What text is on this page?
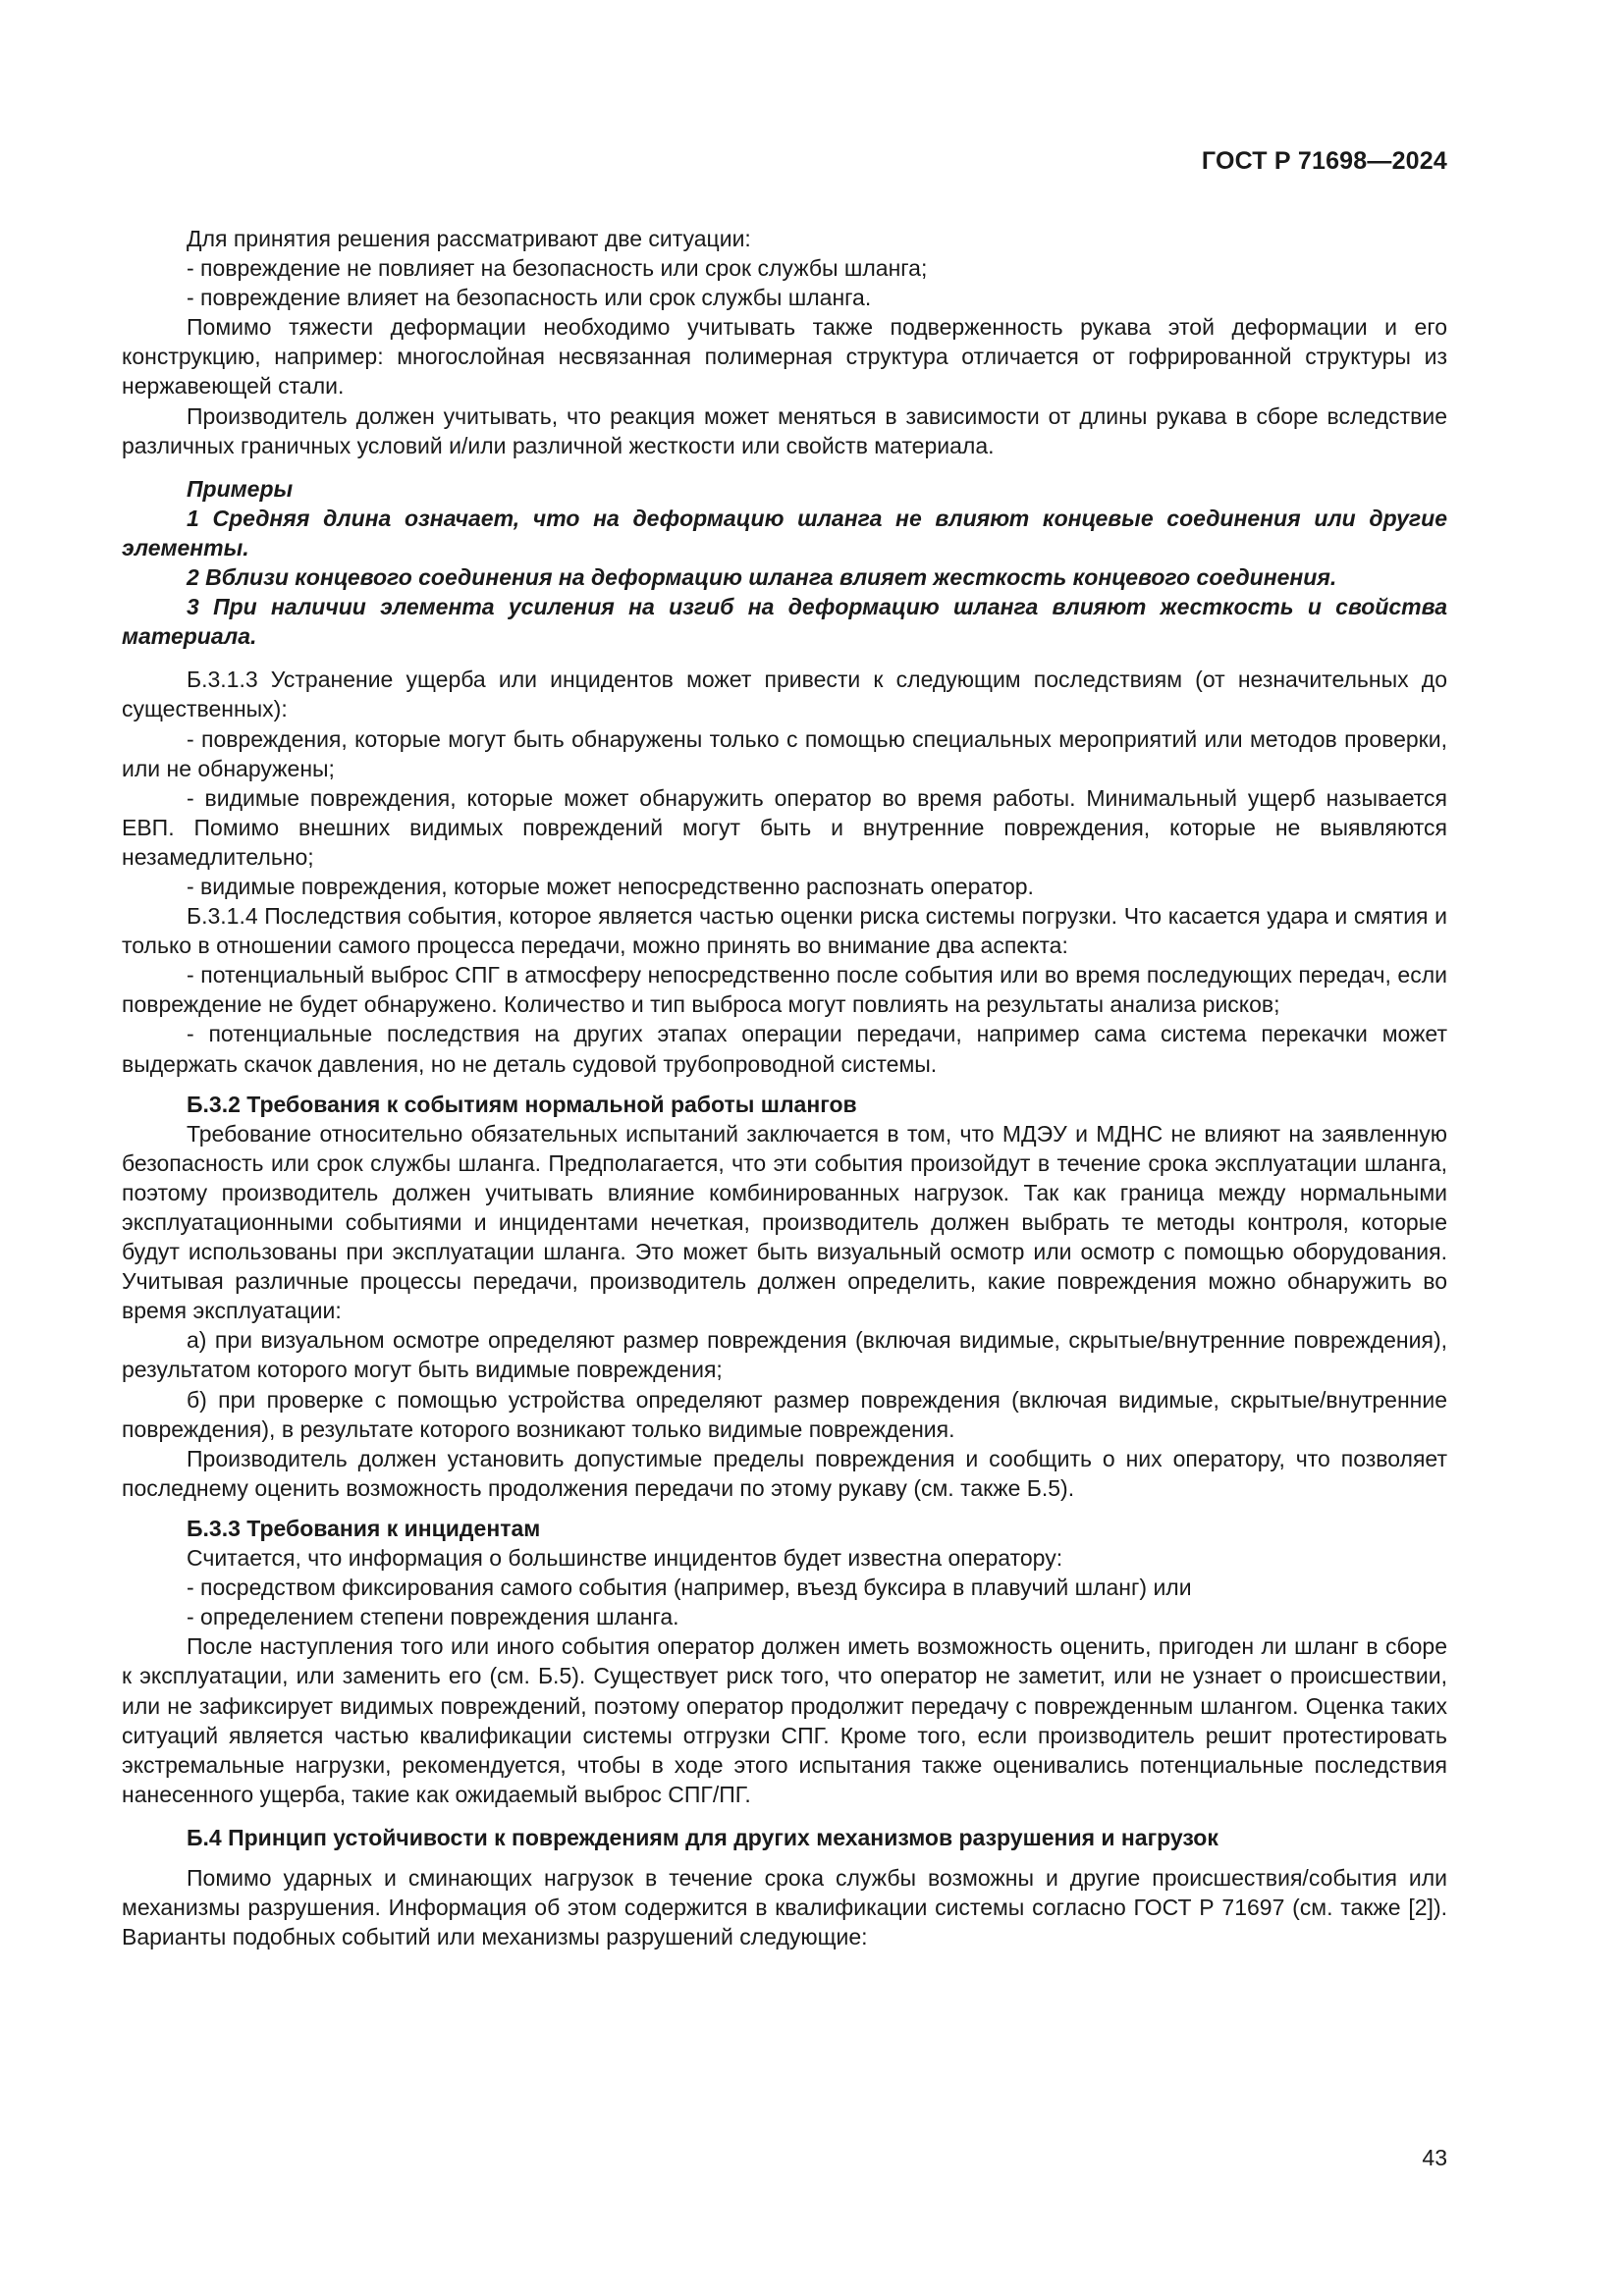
ГОСТ Р 71698—2024

Для принятия решения рассматривают две ситуации:

- повреждение не повлияет на безопасность или срок службы шланга;

- повреждение влияет на безопасность или срок службы шланга.

Помимо тяжести деформации необходимо учитывать также подверженность рукава этой деформации и его конструкцию, например: многослойная несвязанная полимерная структура отличается от гофрированной структуры из нержавеющей стали.

Производитель должен учитывать, что реакция может меняться в зависимости от длины рукава в сборе вследствие различных граничных условий и/или различной жесткости или свойств материала.

Примеры

1 Средняя длина означает, что на деформацию шланга не влияют концевые соединения или другие элементы.

2 Вблизи концевого соединения на деформацию шланга влияет жесткость концевого соединения.

3 При наличии элемента усиления на изгиб на деформацию шланга влияют жесткость и свойства материала.

Б.3.1.3 Устранение ущерба или инцидентов может привести к следующим последствиям (от незначительных до существенных):

- повреждения, которые могут быть обнаружены только с помощью специальных мероприятий или методов проверки, или не обнаружены;

- видимые повреждения, которые может обнаружить оператор во время работы. Минимальный ущерб называется ЕВП. Помимо внешних видимых повреждений могут быть и внутренние повреждения, которые не выявляются незамедлительно;

- видимые повреждения, которые может непосредственно распознать оператор.

Б.3.1.4 Последствия события, которое является частью оценки риска системы погрузки. Что касается удара и смятия и только в отношении самого процесса передачи, можно принять во внимание два аспекта:

- потенциальный выброс СПГ в атмосферу непосредственно после события или во время последующих передач, если повреждение не будет обнаружено. Количество и тип выброса могут повлиять на результаты анализа рисков;

- потенциальные последствия на других этапах операции передачи, например сама система перекачки может выдержать скачок давления, но не деталь судовой трубопроводной системы.

Б.3.2 Требования к событиям нормальной работы шлангов

Требование относительно обязательных испытаний заключается в том, что МДЭУ и МДНС не влияют на заявленную безопасность или срок службы шланга. Предполагается, что эти события произойдут в течение срока эксплуатации шланга, поэтому производитель должен учитывать влияние комбинированных нагрузок. Так как граница между нормальными эксплуатационными событиями и инцидентами нечеткая, производитель должен выбрать те методы контроля, которые будут использованы при эксплуатации шланга. Это может быть визуальный осмотр или осмотр с помощью оборудования. Учитывая различные процессы передачи, производитель должен определить, какие повреждения можно обнаружить во время эксплуатации:

а) при визуальном осмотре определяют размер повреждения (включая видимые, скрытые/внутренние повреждения), результатом которого могут быть видимые повреждения;

б) при проверке с помощью устройства определяют размер повреждения (включая видимые, скрытые/внутренние повреждения), в результате которого возникают только видимые повреждения.

Производитель должен установить допустимые пределы повреждения и сообщить о них оператору, что позволяет последнему оценить возможность продолжения передачи по этому рукаву (см. также Б.5).

Б.3.3 Требования к инцидентам

Считается, что информация о большинстве инцидентов будет известна оператору:

- посредством фиксирования самого события (например, въезд буксира в плавучий шланг) или

- определением степени повреждения шланга.

После наступления того или иного события оператор должен иметь возможность оценить, пригоден ли шланг в сборе к эксплуатации, или заменить его (см. Б.5). Существует риск того, что оператор не заметит, или не узнает о происшествии, или не зафиксирует видимых повреждений, поэтому оператор продолжит передачу с поврежденным шлангом. Оценка таких ситуаций является частью квалификации системы отгрузки СПГ. Кроме того, если производитель решит протестировать экстремальные нагрузки, рекомендуется, чтобы в ходе этого испытания также оценивались потенциальные последствия нанесенного ущерба, такие как ожидаемый выброс СПГ/ПГ.

Б.4 Принцип устойчивости к повреждениям для других механизмов разрушения и нагрузок

Помимо ударных и сминающих нагрузок в течение срока службы возможны и другие происшествия/события или механизмы разрушения. Информация об этом содержится в квалификации системы согласно ГОСТ Р 71697 (см. также [2]). Варианты подобных событий или механизмы разрушений следующие:

43
